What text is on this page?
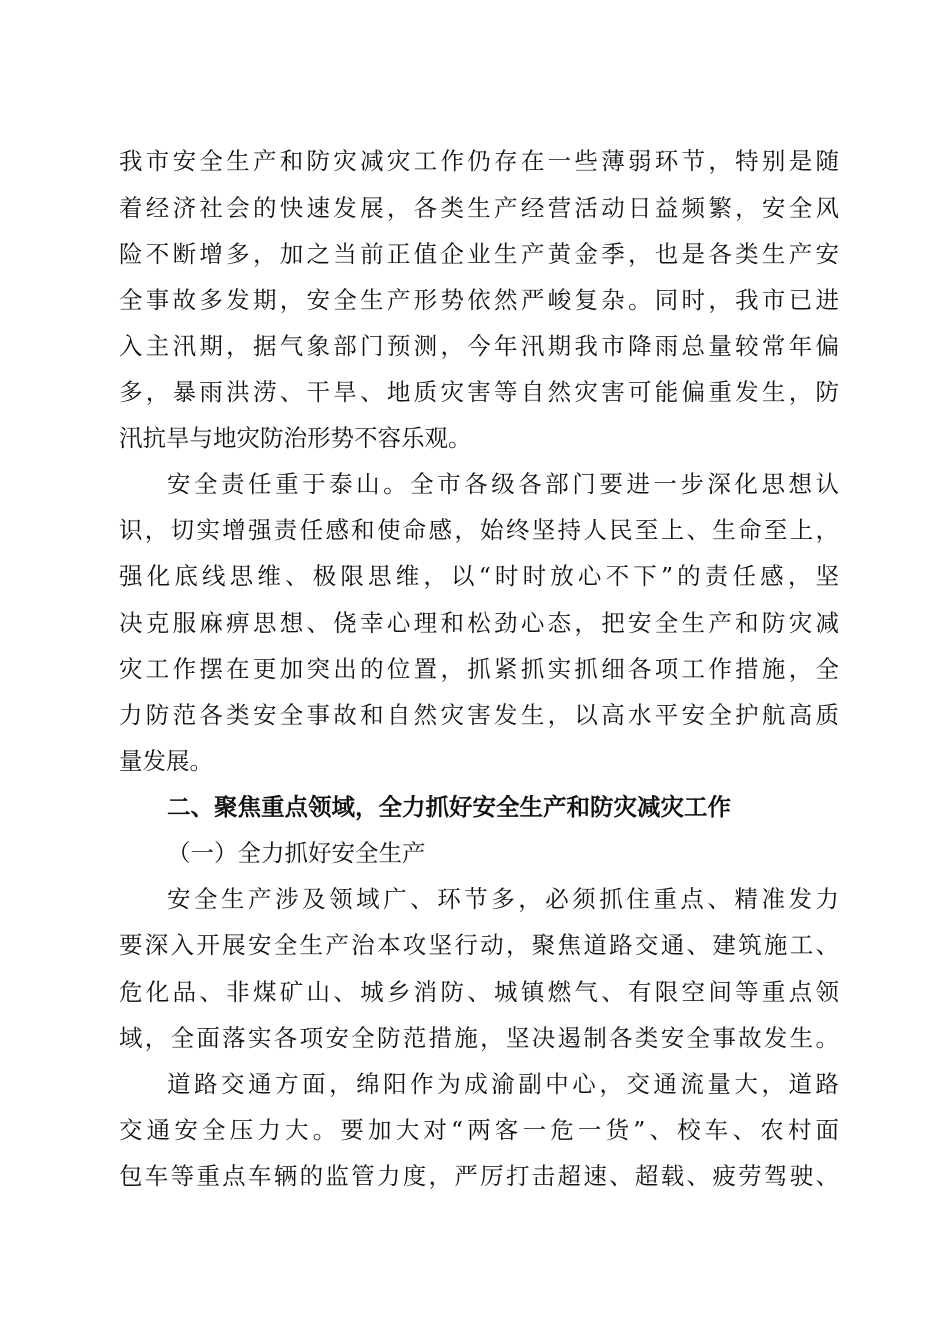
我市安全生产和防灾减灾工作仍存在一些薄弱环节，特别是随
着经济社会的快速发展，各类生产经营活动日益频繁，安全风
险不断增多，加之当前正值企业生产黄金季，也是各类生产安
全事故多发期，安全生产形势依然严峻复杂。同时，我市已进
入主汛期，据气象部门预测，今年汛期我市降雨总量较常年偏
多，暴雨洪涝、干旱、地质灾害等自然灾害可能偏重发生，防
汛抗旱与地灾防治形势不容乐观。
安全责任重于泰山。全市各级各部门要进一步深化思想认
识，切实增强责任感和使命感，始终坚持人民至上、生命至上，
强化底线思维、极限思维，以“时时放心不下”的责任感，坚
决克服麻痹思想、侥幸心理和松劲心态，把安全生产和防灾减
灾工作摆在更加突出的位置，抓紧抓实抓细各项工作措施，全
力防范各类安全事故和自然灾害发生，以高水平安全护航高质
量发展。
二、聚焦重点领域，全力抓好安全生产和防灾减灾工作
（一）全力抓好安全生产
安全生产涉及领域广、环节多，必须抓住重点、精准发力
要深入开展安全生产治本攻坚行动，聚焦道路交通、建筑施工、
危化品、非煤矿山、城乡消防、城镇燃气、有限空间等重点领
域，全面落实各项安全防范措施，坚决遏制各类安全事故发生。
道路交通方面，绵阳作为成渝副中心，交通流量大，道路
交通安全压力大。要加大对“两客一危一货”、校车、农村面
包车等重点车辆的监管力度，严厉打击超速、超载、疲劳驾驶、
